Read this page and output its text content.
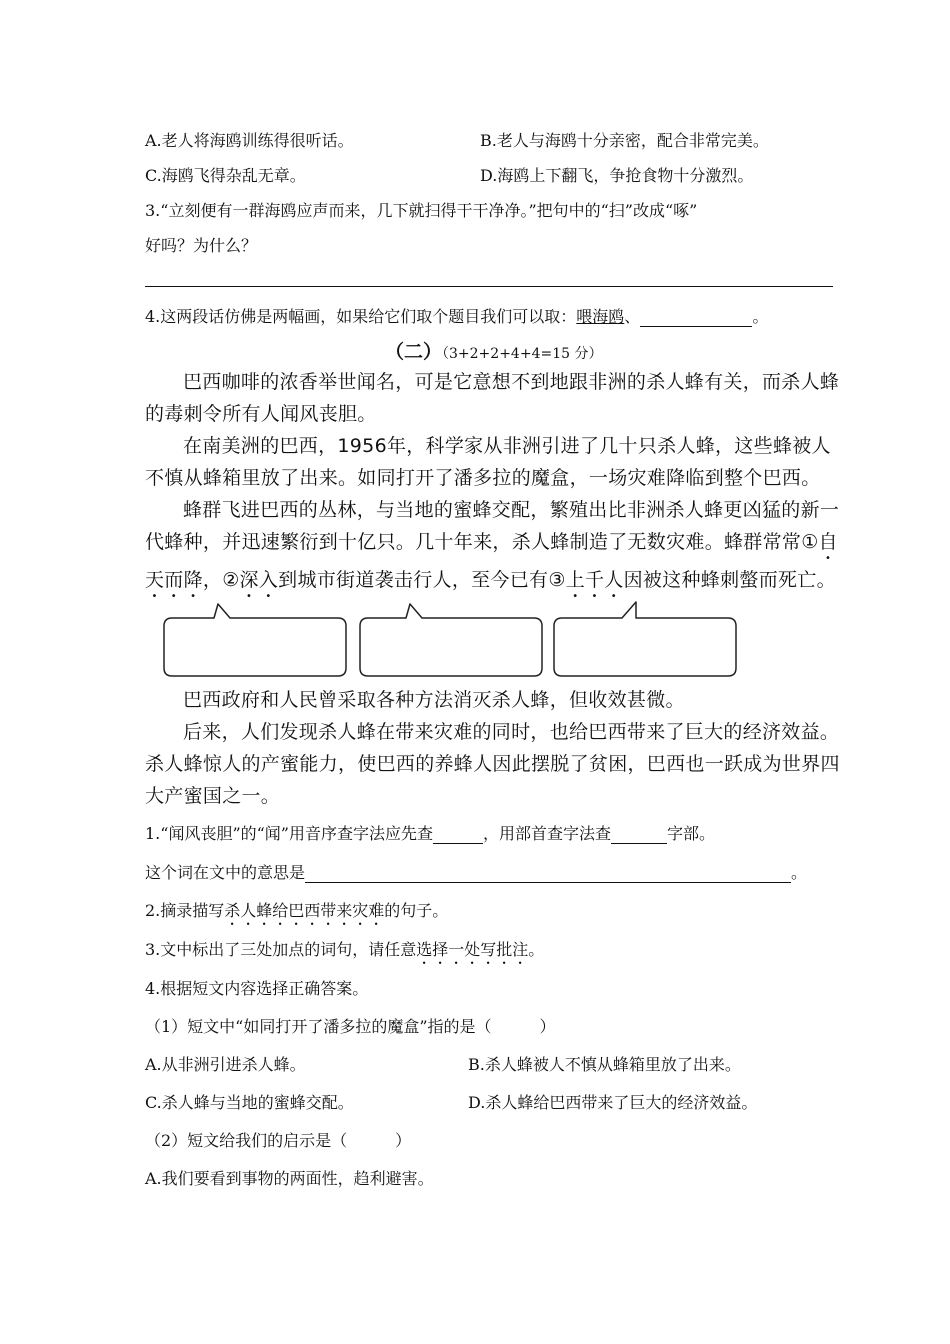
A.老人将海鸥训练得很听话。	B.老人与海鸥十分亲密，配合非常完美。
C.海鸥飞得杂乱无章。	D.海鸥上下翻飞，争抢食物十分激烈。
3.“立刻便有一群海鸥应声而来，几下就扫得干干净净。”把句中的“扫”改成“啄”
好吗？为什么？
4.这两段话仿佛是两幅画，如果给它们取个题目我们可以取：喂海鸥、	。
（二）（3+2+2+4+4=15 分）
巴西咖啡的浓香举世闻名，可是它意想不到地跟非洲的杀人蜂有关，而杀人蜂的毒刺令所有人闻风丧胆。
在南美洲的巴西，1956年，科学家从非洲引进了几十只杀人蜂，这些蜂被人不慎从蜂箱里放了出来。如同打开了潘多拉的魔盒，一场灾难降临到整个巴西。
蜂群飞进巴西的丛林，与当地的蜜蜂交配，繁殖出比非洲杀人蜂更凶猛的新一代蜂种，并迅速繁衍到十亿只。几十年来，杀人蜂制造了无数灾难。蜂群常常①自天而降，②深入到城市街道袭击行人，至今已有③上千人因被这种蜂刺螫而死亡。
巴西政府和人民曾采取各种方法消灭杀人蜂，但收效甚微。
后来，人们发现杀人蜂在带来灾难的同时，也给巴西带来了巨大的经济效益。杀人蜂惊人的产蜜能力，使巴西的养蜂人因此摆脱了贫困，巴西也一跃成为世界四大产蜜国之一。
1.“闻风丧胆”的“闻”用音序查字法应先查	，用部首查字法查	字部。
这个词在文中的意思是	。
2.摘录描写杀人蜂给巴西带来灾难的句子。
3.文中标出了三处加点的词句，请任意选择一处写批注。
4.根据短文内容选择正确答案。
（1）短文中“如同打开了潘多拉的魔盒”指的是（　　　）
A.从非洲引进杀人蜂。	B.杀人蜂被人不慎从蜂箱里放了出来。
C.杀人蜂与当地的蜜蜂交配。	D.杀人蜂给巴西带来了巨大的经济效益。
（2）短文给我们的启示是（　　　）
A.我们要看到事物的两面性，趋利避害。
